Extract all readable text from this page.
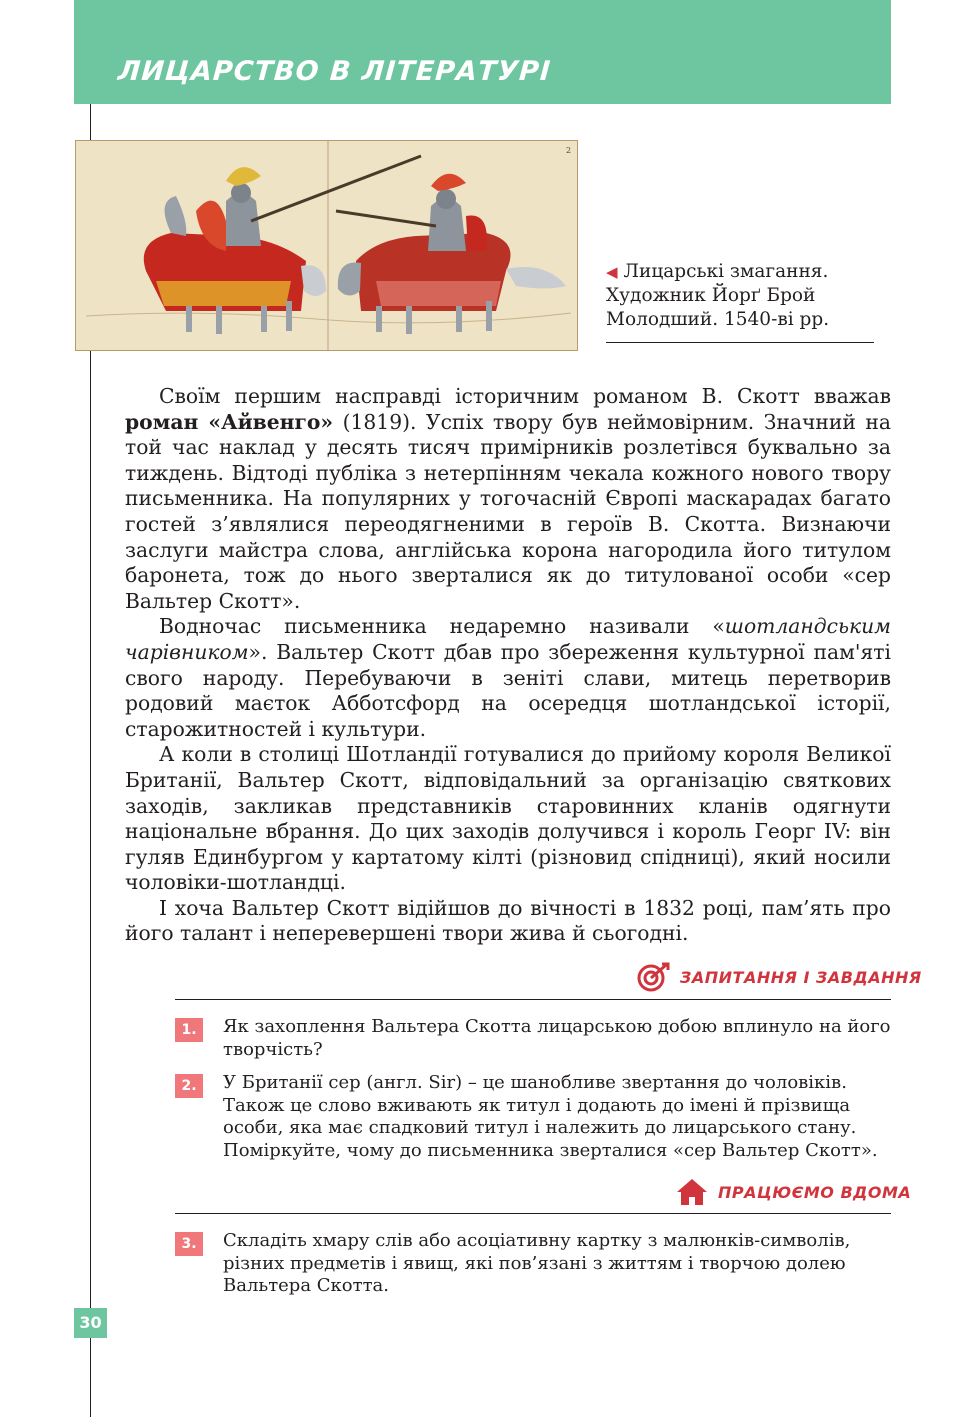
ЛИЦАРСТВО В ЛІТЕРАТУРІ
2
◀ Лицарські змагання. Художник Йорґ Брой Молодший. 1540-ві рр.

Своїм першим насправді історичним романом В. Скотт вважав роман «Айвенго» (1819). Успіх твору був неймовірним. Значний на той час наклад у десять тисяч примірників розлетівся буквально за тиждень. Відтоді публіка з нетерпінням чекала кожного нового твору письменника. На популярних у тогочасній Європі маскарадах багато гостей з’являлися переодягненими в героїв В. Скотта. Визнаючи заслуги майстра слова, англійська корона нагородила його титулом баронета, тож до нього зверталися як до титулованої особи «сер Вальтер Скотт».

Водночас письменника недаремно називали «шотландським чарівником». Вальтер Скотт дбав про збереження культурної пам'яті свого народу. Перебуваючи в зеніті слави, митець перетворив родовий маєток Абботсфорд на осередця шотландської історії, старожитностей і культури.

А коли в столиці Шотландії готувалися до прийому короля Великої Британії, Вальтер Скотт, відповідальний за організацію святкових заходів, закликав представників старовинних кланів одягнути національне вбрання. До цих заходів долучився і король Георг IV: він гуляв Единбургом у картатому кілті (різновид спідниці), який носили чоловіки-шотландці.

І хоча Вальтер Скотт відійшов до вічності в 1832 році, пам’ять про його талант і неперевершені твори жива й сьогодні.

ЗАПИТАННЯ І ЗАВДАННЯ
1.	Як захоплення Вальтера Скотта лицарською добою вплинуло на його творчість?
2.	У Британії сер (англ. Sir) – це шанобливе звертання до чоловіків. Також це слово вживають як титул і додають до імені й прізвища особи, яка має спадковий титул і належить до лицарського стану. Поміркуйте, чому до письменника зверталися «сер Вальтер Скотт».
ПРАЦЮЄМО ВДОМА
3.	Складіть хмару слів або асоціативну картку з малюнків-символів, різних предметів і явищ, які пов’язані з життям і творчою долею Вальтера Скотта.
30
